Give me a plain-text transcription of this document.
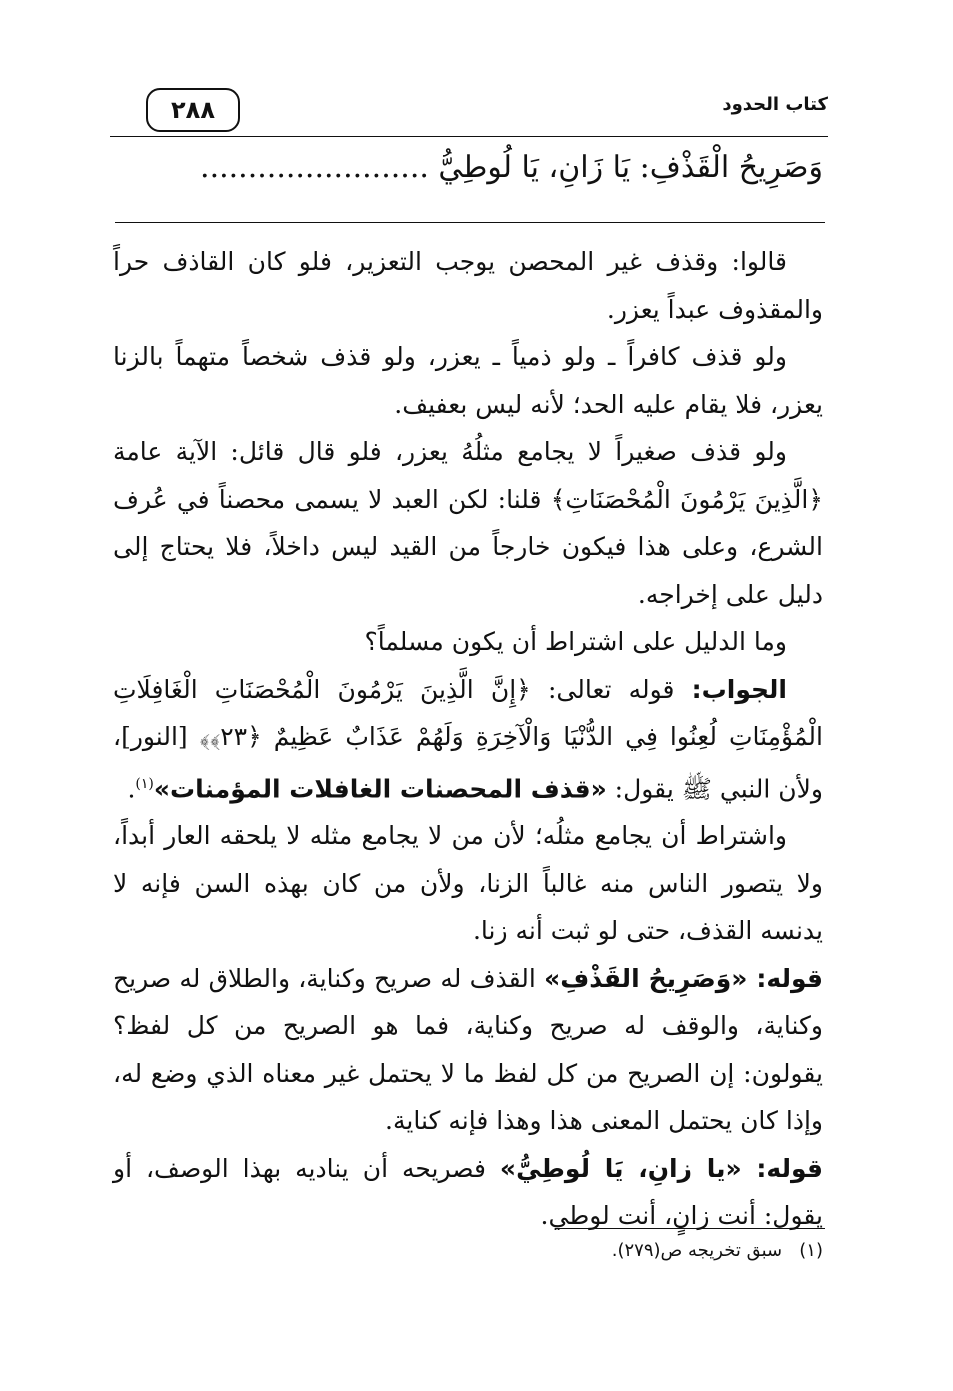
كتاب الحدود
٢٨٨
وَصَرِيحُ الْقَذْفِ: يَا زَانِ، يَا لُوطِيُّ ........................

قالوا: وقذف غير المحصن يوجب التعزير، فلو كان القاذف حراً والمقذوف عبداً يعزر.

ولو قذف كافراً ـ ولو ذمياً ـ يعزر، ولو قذف شخصاً متهماً بالزنا يعزر، فلا يقام عليه الحد؛ لأنه ليس بعفيف.

ولو قذف صغيراً لا يجامع مثلُهُ يعزر، فلو قال قائل: الآية عامة ﴿الَّذِينَ يَرْمُونَ الْمُحْصَنَاتِ﴾ قلنا: لكن العبد لا يسمى محصناً في عُرف الشرع، وعلى هذا فيكون خارجاً من القيد ليس داخلاً، فلا يحتاج إلى دليل على إخراجه.

وما الدليل على اشتراط أن يكون مسلماً؟

الجواب: قوله تعالى: ﴿إِنَّ الَّذِينَ يَرْمُونَ الْمُحْصَنَاتِ الْغَافِلَاتِ الْمُؤْمِنَاتِ لُعِنُوا فِي الدُّنْيَا وَالْآخِرَةِ وَلَهُمْ عَذَابٌ عَظِيمٌ ﴿٢٣﴾﴾ [النور]، ولأن النبي ﷺ يقول: «قذف المحصنات الغافلات المؤمنات»$^{(١)}$.

واشتراط أن يجامع مثلُه؛ لأن من لا يجامع مثله لا يلحقه العار أبداً، ولا يتصور الناس منه غالباً الزنا، ولأن من كان بهذه السن فإنه لا يدنسه القذف، حتى لو ثبت أنه زنا.

قوله: «وَصَرِيحُ القَذْفِ» القذف له صريح وكناية، والطلاق له صريح وكناية، والوقف له صريح وكناية، فما هو الصريح من كل لفظ؟ يقولون: إن الصريح من كل لفظ ما لا يحتمل غير معناه الذي وضع له، وإذا كان يحتمل المعنى هذا وهذا فإنه كناية.

قوله: «يا زانِ، يَا لُوطِيُّ» فصريحه أن يناديه بهذا الوصف، أو يقول: أنت زانٍ، أنت لوطي.

(١)   سبق تخريجه ص(٢٧٩).
